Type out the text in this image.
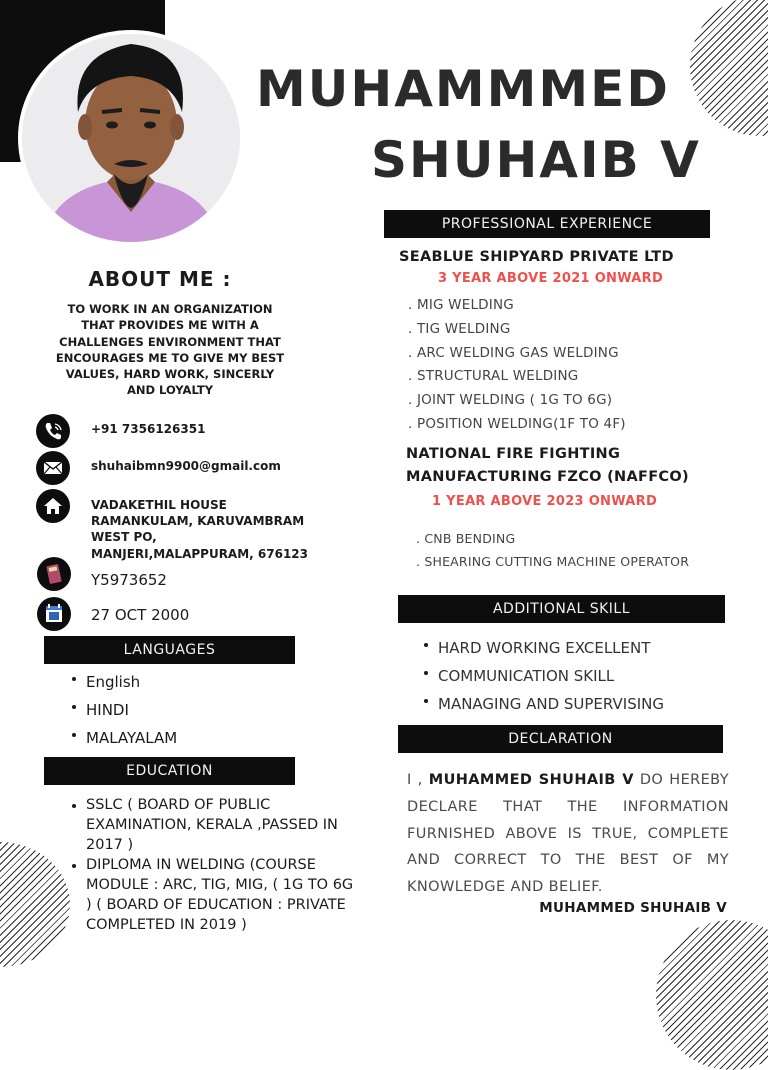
MUHAMMMED
SHUHAIB V
ABOUT ME :
TO WORK IN AN ORGANIZATION THAT PROVIDES ME WITH A CHALLENGES ENVIRONMENT THAT ENCOURAGES ME TO GIVE MY BEST VALUES, HARD WORK, SINCERLY AND LOYALTY
+91 7356126351
shuhaibmn9900@gmail.com
VADAKETHIL HOUSE
RAMANKULAM, KARUVAMBRAM
WEST PO,
MANJERI,MALAPPURAM, 676123
Y5973652
27 OCT 2000
LANGUAGES
English
HINDI
MALAYALAM
EDUCATION
SSLC ( BOARD OF PUBLIC EXAMINATION, KERALA ,PASSED IN 2017 )
DIPLOMA IN WELDING (COURSE MODULE : ARC, TIG, MIG, ( 1G TO 6G ) ( BOARD OF EDUCATION : PRIVATE COMPLETED IN 2019 )
PROFESSIONAL EXPERIENCE
SEABLUE SHIPYARD PRIVATE LTD
3 YEAR ABOVE 2021 ONWARD
. MIG WELDING
. TIG WELDING
. ARC WELDING GAS WELDING
. STRUCTURAL WELDING
. JOINT WELDING ( 1G TO 6G)
. POSITION WELDING(1F TO 4F)
NATIONAL FIRE FIGHTING
MANUFACTURING FZCO (NAFFCO)
1 YEAR ABOVE 2023 ONWARD
. CNB BENDING
. SHEARING CUTTING MACHINE OPERATOR
ADDITIONAL SKILL
HARD WORKING EXCELLENT
COMMUNICATION SKILL
MANAGING AND SUPERVISING
DECLARATION
I , MUHAMMED SHUHAIB V DO HEREBY DECLARE THAT THE INFORMATION FURNISHED ABOVE IS TRUE, COMPLETE AND CORRECT TO THE BEST OF MY KNOWLEDGE AND BELIEF.
MUHAMMED SHUHAIB V
